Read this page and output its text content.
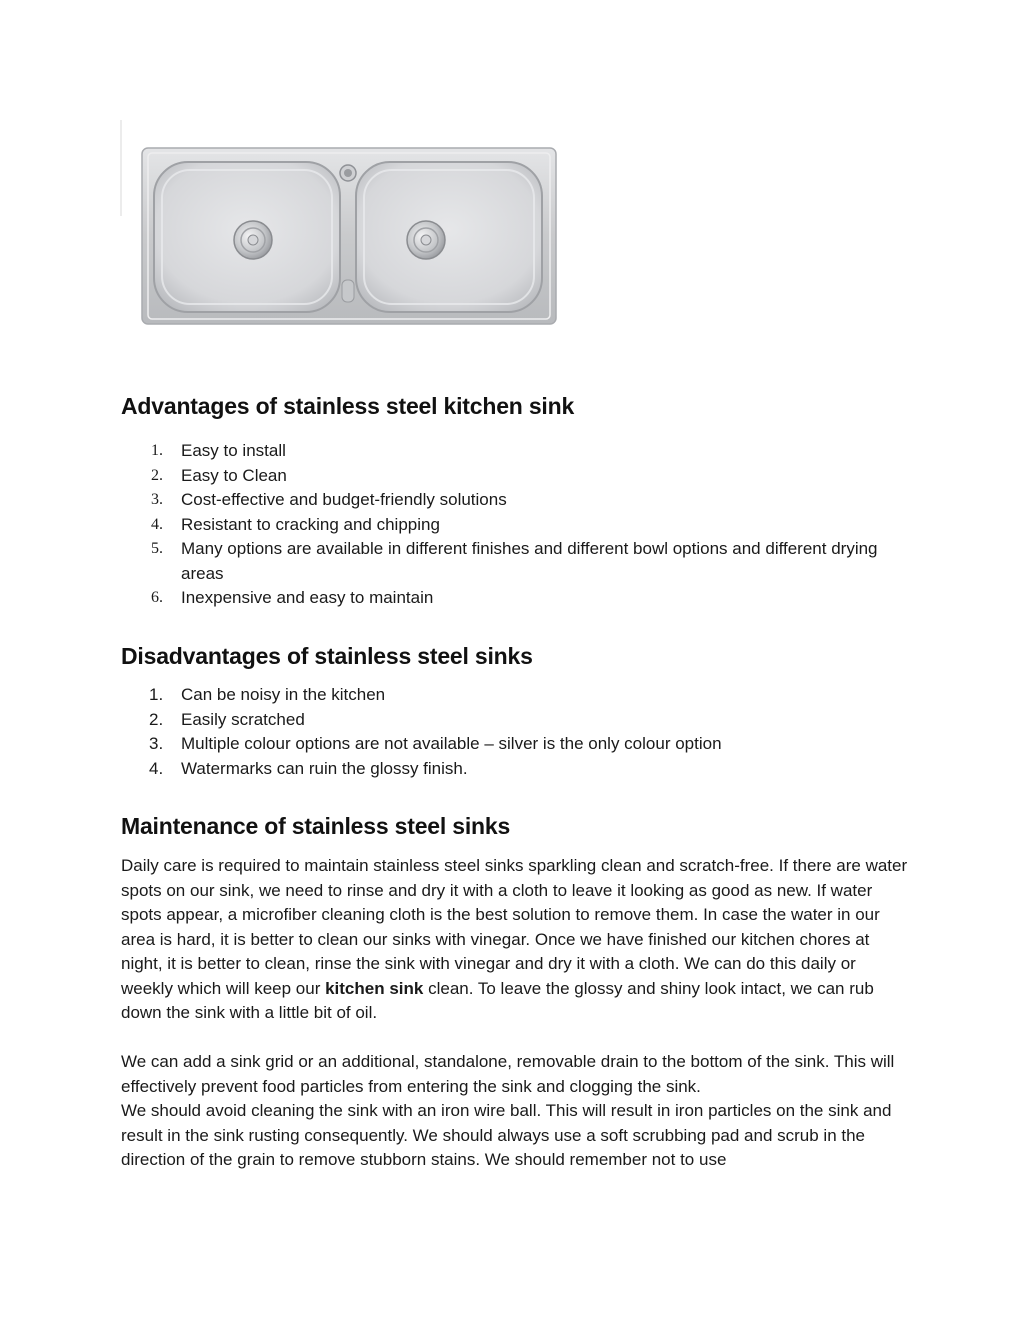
Advantages of stainless steel kitchen sink
1.	Easy to install
2.	Easy to Clean
3.	Cost-effective and budget-friendly solutions
4.	Resistant to cracking and chipping
5.	Many options are available in different finishes and different bowl options and different drying areas
6.	Inexpensive and easy to maintain
Disadvantages of stainless steel sinks
1.	Can be noisy in the kitchen
2.	Easily scratched
3.	Multiple colour options are not available – silver is the only colour option
4.	Watermarks can ruin the glossy finish.
Maintenance of stainless steel sinks

Daily care is required to maintain stainless steel sinks sparkling clean and scratch-free. If there are water spots on our sink, we need to rinse and dry it with a cloth to leave it looking as good as new. If water spots appear, a microfiber cleaning cloth is the best solution to remove them. In case the water in our area is hard, it is better to clean our sinks with vinegar. Once we have finished our kitchen chores at night, it is better to clean, rinse the sink with vinegar and dry it with a cloth. We can do this daily or weekly which will keep our kitchen sink clean. To leave the glossy and shiny look intact, we can rub down the sink with a little bit of oil.

We can add a sink grid or an additional, standalone, removable drain to the bottom of the sink. This will effectively prevent food particles from entering the sink and clogging the sink.

We should avoid cleaning the sink with an iron wire ball. This will result in iron particles on the sink and result in the sink rusting consequently. We should always use a soft scrubbing pad and scrub in the direction of the grain to remove stubborn stains. We should remember not to use
